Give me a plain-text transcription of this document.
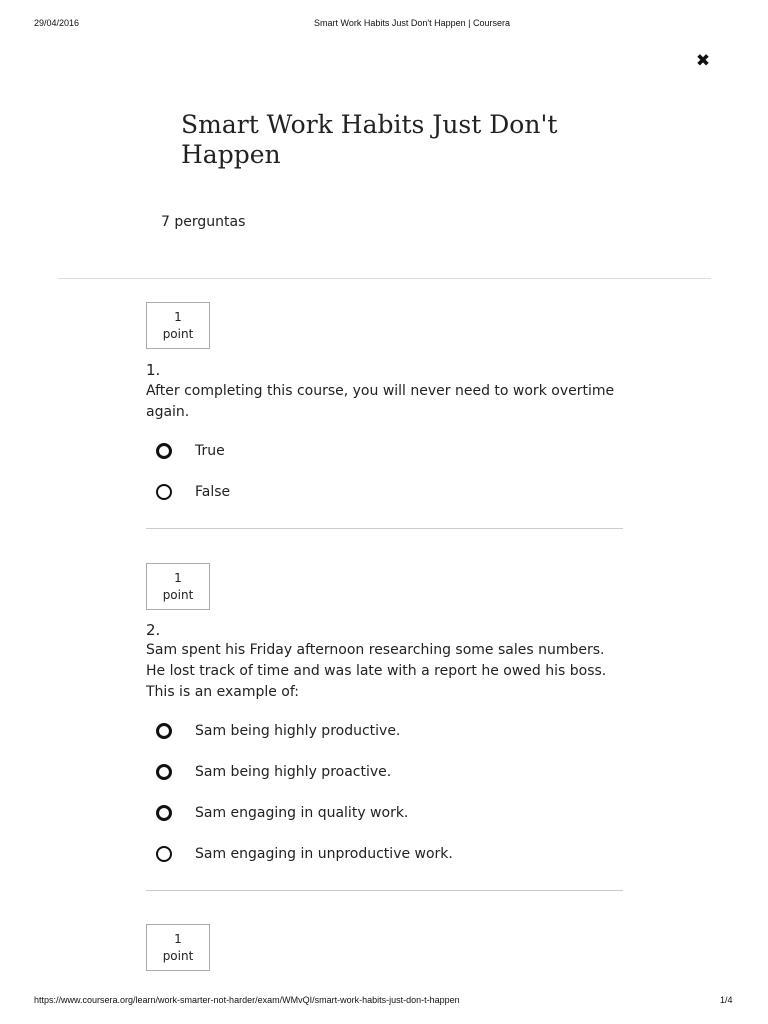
29/04/2016	Smart Work Habits Just Don't Happen | Coursera
✖
Smart Work Habits Just Don't Happen
7 perguntas
1
point
1.
After completing this course, you will never need to work overtime again.
True
False
1
point
2.
Sam spent his Friday afternoon researching some sales numbers. He lost track of time and was late with a report he owed his boss. This is an example of:
Sam being highly productive.
Sam being highly proactive.
Sam engaging in quality work.
Sam engaging in unproductive work.
1
point
https://www.coursera.org/learn/work-smarter-not-harder/exam/WMvQI/smart-work-habits-just-don-t-happen	1/4
